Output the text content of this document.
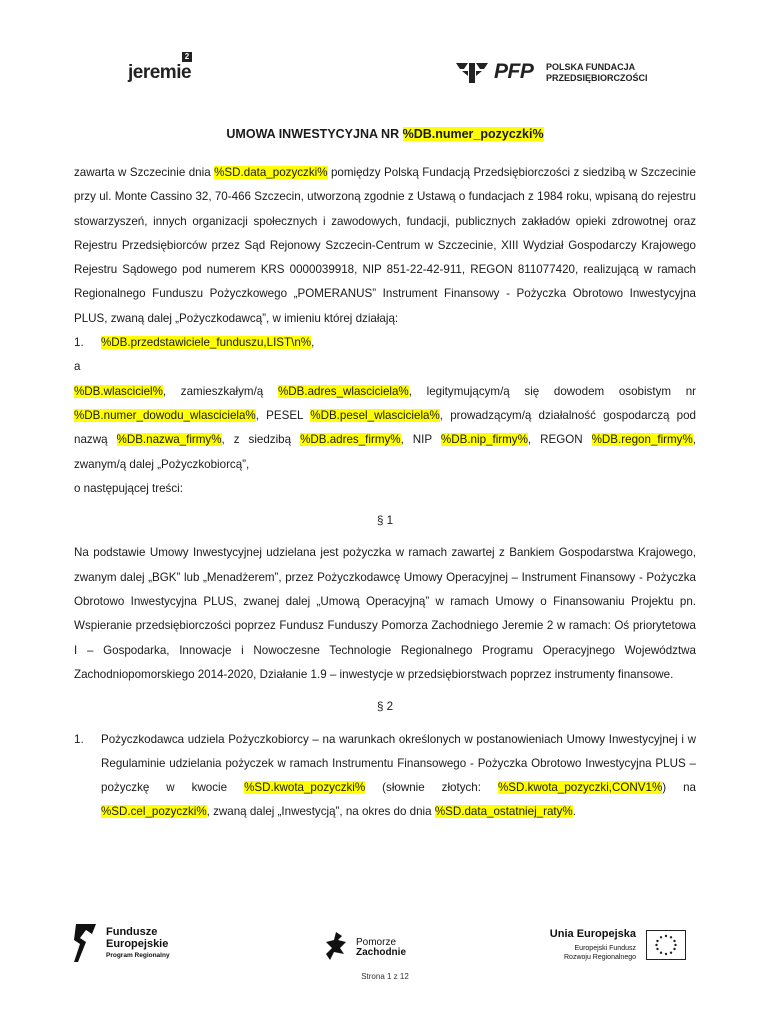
jeremie
2
PFP POLSKA FUNDACJA
PRZEDSIĘBIORCZOŚCI
UMOWA INWESTYCYJNA NR %DB.numer_pozyczki%

zawarta w Szczecinie dnia %SD.data_pozyczki% pomiędzy Polską Fundacją Przedsiębiorczości z siedzibą w Szczecinie przy ul. Monte Cassino 32, 70-466 Szczecin, utworzoną zgodnie z Ustawą o fundacjach z 1984 roku, wpisaną do rejestru stowarzyszeń, innych organizacji społecznych i zawodowych, fundacji, publicznych zakładów opieki zdrowotnej oraz Rejestru Przedsiębiorców przez Sąd Rejonowy Szczecin-Centrum w Szczecinie, XIII Wydział Gospodarczy Krajowego Rejestru Sądowego pod numerem KRS 0000039918, NIP 851-22-42-911, REGON 811077420, realizującą w ramach Regionalnego Funduszu Pożyczkowego „POMERANUS” Instrument Finansowy - Pożyczka Obrotowo Inwestycyjna PLUS, zwaną dalej „Pożyczkodawcą”, w imieniu której działają:

1.	%DB.przedstawiciele_funduszu,LIST\n%,

a

%DB.wlasciciel%, zamieszkałym/ą %DB.adres_wlasciciela%, legitymującym/ą się dowodem osobistym nr %DB.numer_dowodu_wlasciciela%, PESEL %DB.pesel_wlasciciela%, prowadzącym/ą działalność gospodarczą pod nazwą %DB.nazwa_firmy%, z siedzibą %DB.adres_firmy%, NIP %DB.nip_firmy%, REGON %DB.regon_firmy%, zwanym/ą dalej „Pożyczkobiorcą”,

o następującej treści:

§ 1

Na podstawie Umowy Inwestycyjnej udzielana jest pożyczka w ramach zawartej z Bankiem Gospodarstwa Krajowego, zwanym dalej „BGK” lub „Menadżerem”, przez Pożyczkodawcę Umowy Operacyjnej – Instrument Finansowy - Pożyczka Obrotowo Inwestycyjna PLUS, zwanej dalej „Umową Operacyjną” w ramach Umowy o Finansowaniu Projektu pn. Wspieranie przedsiębiorczości poprzez Fundusz Funduszy Pomorza Zachodniego Jeremie 2 w ramach: Oś priorytetowa I – Gospodarka, Innowacje i Nowoczesne Technologie Regionalnego Programu Operacyjnego Województwa Zachodniopomorskiego 2014-2020, Działanie 1.9 – inwestycje w przedsiębiorstwach poprzez instrumenty finansowe.

§ 2

1.	Pożyczkodawca udziela Pożyczkobiorcy – na warunkach określonych w postanowieniach Umowy Inwestycyjnej i w Regulaminie udzielania pożyczek w ramach Instrumentu Finansowego - Pożyczka Obrotowo Inwestycyjna PLUS – pożyczkę w kwocie %SD.kwota_pozyczki% (słownie złotych: %SD.kwota_pozyczki,CONV1%) na %SD.cel_pozyczki%, zwaną dalej „Inwestycją”, na okres do dnia %SD.data_ostatniej_raty%.
Fundusze
Europejskie
Program Regionalny
Pomorze
Zachodnie
Unia Europejska
Europejski Fundusz
Rozwoju Regionalnego
Strona 1 z 12
